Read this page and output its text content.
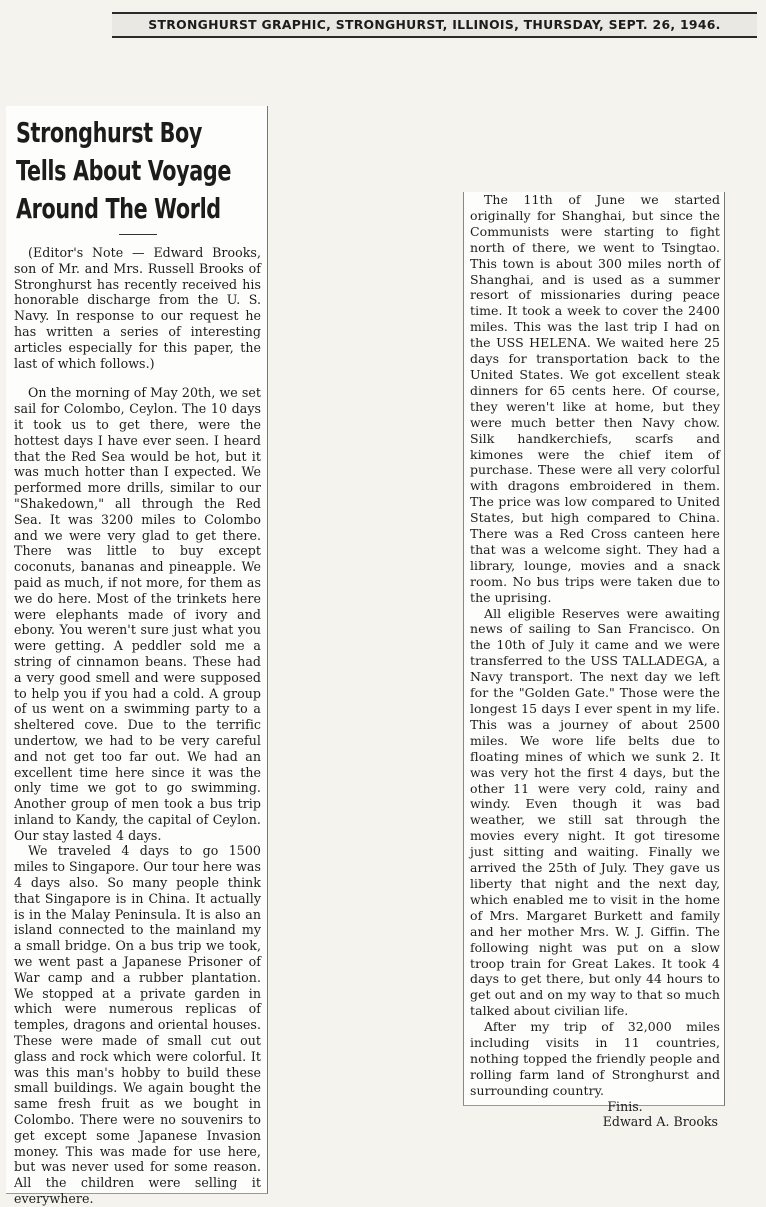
STRONGHURST GRAPHIC, STRONGHURST, ILLINOIS, THURSDAY, SEPT. 26, 1946.
Stronghurst Boy
Tells About Voyage
Around The World

(Editor's Note — Edward Brooks, son of Mr. and Mrs. Russell Brooks of Stronghurst has recently received his honorable discharge from the U. S. Navy. In response to our request he has written a series of interesting articles especially for this paper, the last of which follows.)

On the morning of May 20th, we set sail for Colombo, Ceylon. The 10 days it took us to get there, were the hottest days I have ever seen. I heard that the Red Sea would be hot, but it was much hotter than I expected. We performed more drills, similar to our "Shakedown," all through the Red Sea. It was 3200 miles to Colombo and we were very glad to get there. There was little to buy except coconuts, bananas and pineapple. We paid as much, if not more, for them as we do here. Most of the trinkets here were elephants made of ivory and ebony. You weren't sure just what you were getting. A peddler sold me a string of cinnamon beans. These had a very good smell and were supposed to help you if you had a cold. A group of us went on a swimming party to a sheltered cove. Due to the terrific undertow, we had to be very careful and not get too far out. We had an excellent time here since it was the only time we got to go swimming. Another group of men took a bus trip inland to Kandy, the capital of Ceylon. Our stay lasted 4 days.

We traveled 4 days to go 1500 miles to Singapore. Our tour here was 4 days also. So many people think that Singapore is in China. It actually is in the Malay Peninsula. It is also an island connected to the mainland my a small bridge. On a bus trip we took, we went past a Japanese Prisoner of War camp and a rubber plantation. We stopped at a private garden in which were numerous replicas of temples, dragons and oriental houses. These were made of small cut out glass and rock which were colorful. It was this man's hobby to build these small buildings. We again bought the same fresh fruit as we bought in Colombo. There were no souvenirs to get except some Japanese Invasion money. This was made for use here, but was never used for some reason. All the children were selling it everywhere.

The 11th of June we started originally for Shanghai, but since the Communists were starting to fight north of there, we went to Tsingtao. This town is about 300 miles north of Shanghai, and is used as a summer resort of missionaries during peace time. It took a week to cover the 2400 miles. This was the last trip I had on the USS HELENA. We waited here 25 days for transportation back to the United States. We got excellent steak dinners for 65 cents here. Of course, they weren't like at home, but they were much better then Navy chow. Silk handkerchiefs, scarfs and kimones were the chief item of purchase. These were all very colorful with dragons embroidered in them. The price was low compared to United States, but high compared to China. There was a Red Cross canteen here that was a welcome sight. They had a library, lounge, movies and a snack room. No bus trips were taken due to the uprising.

All eligible Reserves were awaiting news of sailing to San Francisco. On the 10th of July it came and we were transferred to the USS TALLADEGA, a Navy transport. The next day we left for the "Golden Gate." Those were the longest 15 days I ever spent in my life. This was a journey of about 2500 miles. We wore life belts due to floating mines of which we sunk 2. It was very hot the first 4 days, but the other 11 were very cold, rainy and windy. Even though it was bad weather, we still sat through the movies every night. It got tiresome just sitting and waiting. Finally we arrived the 25th of July. They gave us liberty that night and the next day, which enabled me to visit in the home of Mrs. Margaret Burkett and family and her mother Mrs. W. J. Giffin. The following night was put on a slow troop train for Great Lakes. It took 4 days to get there, but only 44 hours to get out and on my way to that so much talked about civilian life.

After my trip of 32,000 miles including visits in 11 countries, nothing topped the friendly people and rolling farm land of Stronghurst and surrounding country.

Finis.
Edward A. Brooks
